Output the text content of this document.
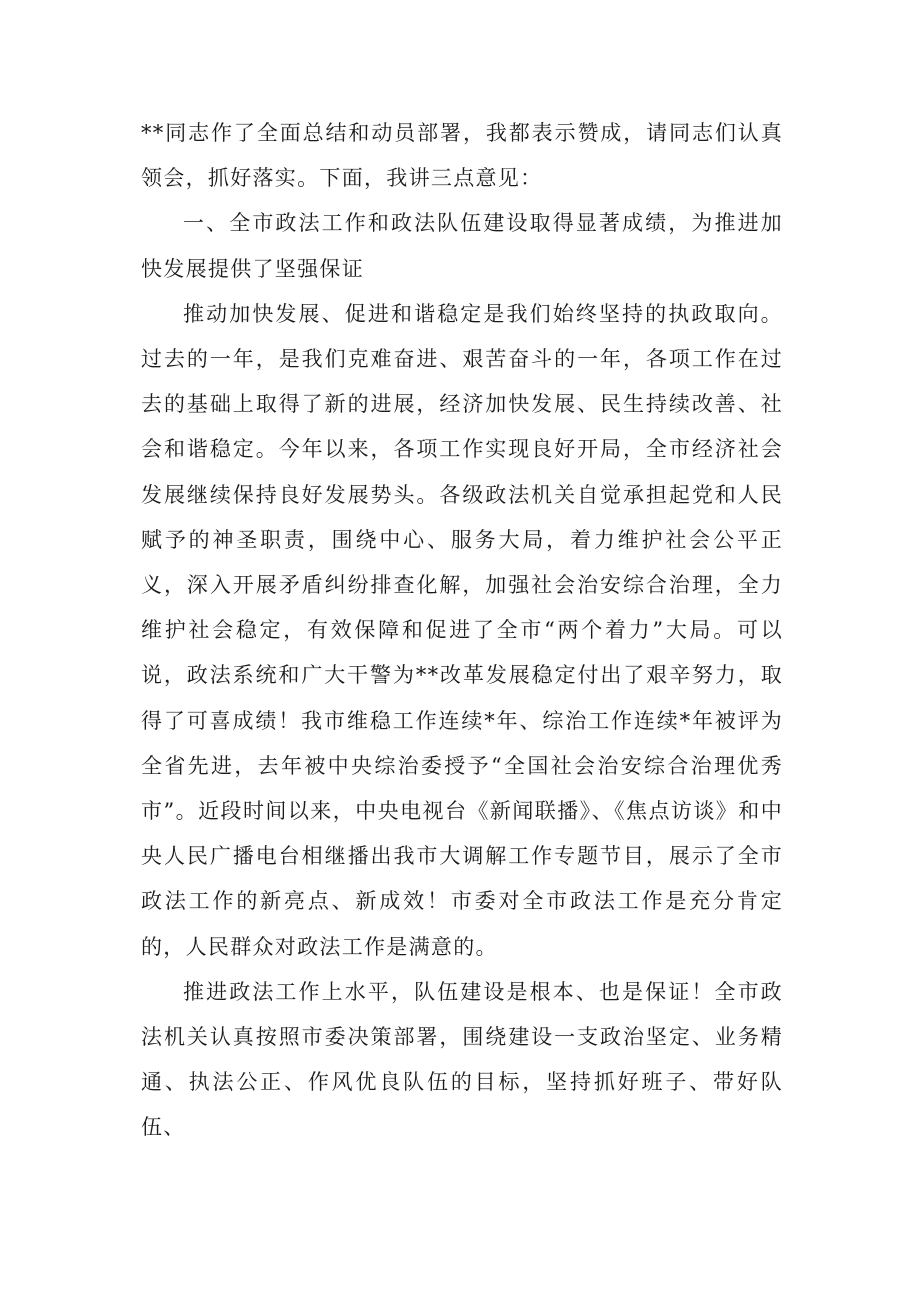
**同志作了全面总结和动员部署，我都表示赞成，请同志们认真领会，抓好落实。下面，我讲三点意见：

一、全市政法工作和政法队伍建设取得显著成绩，为推进加快发展提供了坚强保证

推动加快发展、促进和谐稳定是我们始终坚持的执政取向。过去的一年，是我们克难奋进、艰苦奋斗的一年，各项工作在过去的基础上取得了新的进展，经济加快发展、民生持续改善、社会和谐稳定。今年以来，各项工作实现良好开局，全市经济社会发展继续保持良好发展势头。各级政法机关自觉承担起党和人民赋予的神圣职责，围绕中心、服务大局，着力维护社会公平正义，深入开展矛盾纠纷排查化解，加强社会治安综合治理，全力维护社会稳定，有效保障和促进了全市“两个着力”大局。可以说，政法系统和广大干警为**改革发展稳定付出了艰辛努力，取得了可喜成绩！我市维稳工作连续*年、综治工作连续*年被评为全省先进，去年被中央综治委授予“全国社会治安综合治理优秀市”。近段时间以来，中央电视台《新闻联播》、《焦点访谈》和中央人民广播电台相继播出我市大调解工作专题节目，展示了全市政法工作的新亮点、新成效！市委对全市政法工作是充分肯定的，人民群众对政法工作是满意的。

推进政法工作上水平，队伍建设是根本、也是保证！全市政法机关认真按照市委决策部署，围绕建设一支政治坚定、业务精通、执法公正、作风优良队伍的目标，坚持抓好班子、带好队伍、
